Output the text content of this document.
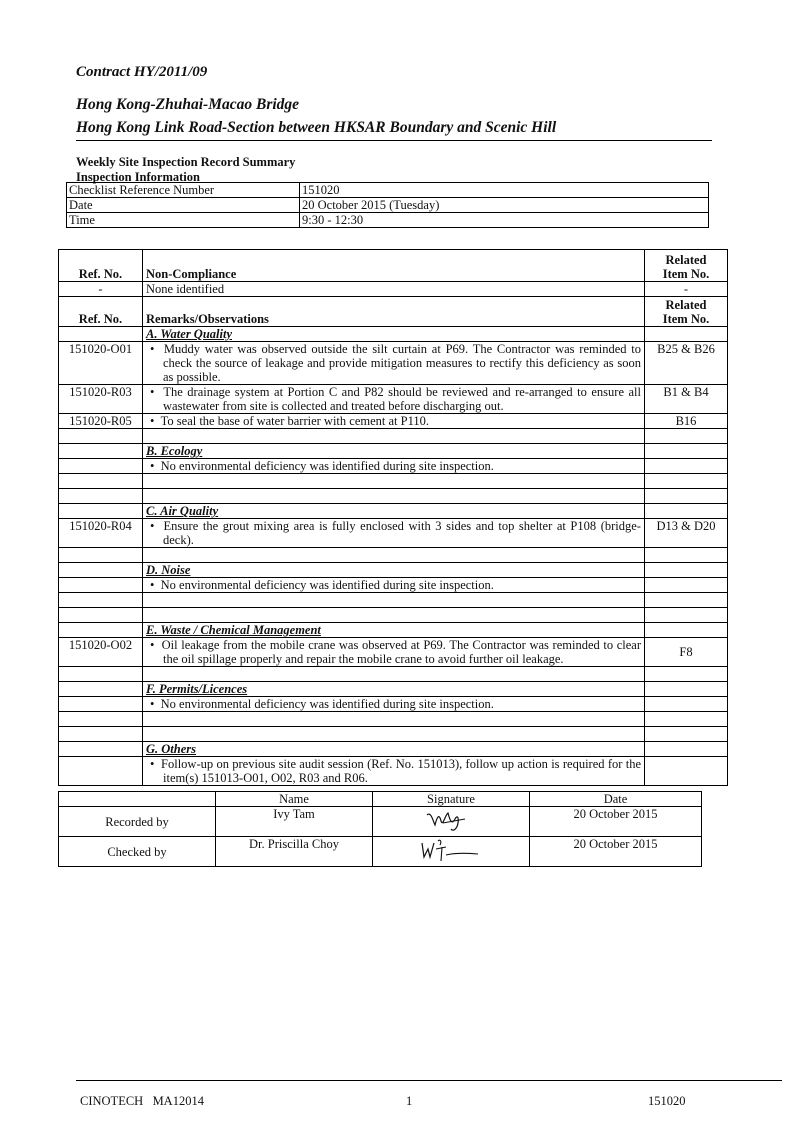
Contract HY/2011/09
Hong Kong-Zhuhai-Macao Bridge
Hong Kong Link Road-Section between HKSAR Boundary and Scenic Hill
Weekly Site Inspection Record Summary
Inspection Information
Checklist Reference Number	151020
Date	20 October 2015 (Tuesday)
Time	9:30 - 12:30
Ref. No.	Non-Compliance	Related
Item No.
-	None identified	-
Ref. No.	Remarks/Observations	Related
Item No.
	A. Water Quality	
151020-O01	•  Muddy water was observed outside the silt curtain at P69. The Contractor was reminded to check the source of leakage and provide mitigation measures to rectify this deficiency as soon as possible.	B25 & B26
151020-R03	•  The drainage system at Portion C and P82 should be reviewed and re-arranged to ensure all wastewater from site is collected and treated before discharging out.	B1 & B4
151020-R05	•  To seal the base of water barrier with cement at P110.	B16

	B. Ecology	
	•  No environmental deficiency was identified during site inspection.	

	C. Air Quality	
151020-R04	•  Ensure the grout mixing area is fully enclosed with 3 sides and top shelter at P108 (bridge-deck).	D13 & D20

	D. Noise	
	•  No environmental deficiency was identified during site inspection.	

	E. Waste / Chemical Management	
151020-O02	•  Oil leakage from the mobile crane was observed at P69. The Contractor was reminded to clear the oil spillage properly and repair the mobile crane to avoid further oil leakage.	F8

	F. Permits/Licences	
	•  No environmental deficiency was identified during site inspection.	

	G. Others	
	•  Follow-up on previous site audit session (Ref. No. 151013), follow up action is required for the item(s) 151013-O01, O02, R03 and R06.	
	Name	Signature	Date
Recorded by	Ivy Tam		20 October 2015
Checked by	Dr. Priscilla Choy		20 October 2015
CINOTECH   MA12014	1	151020
